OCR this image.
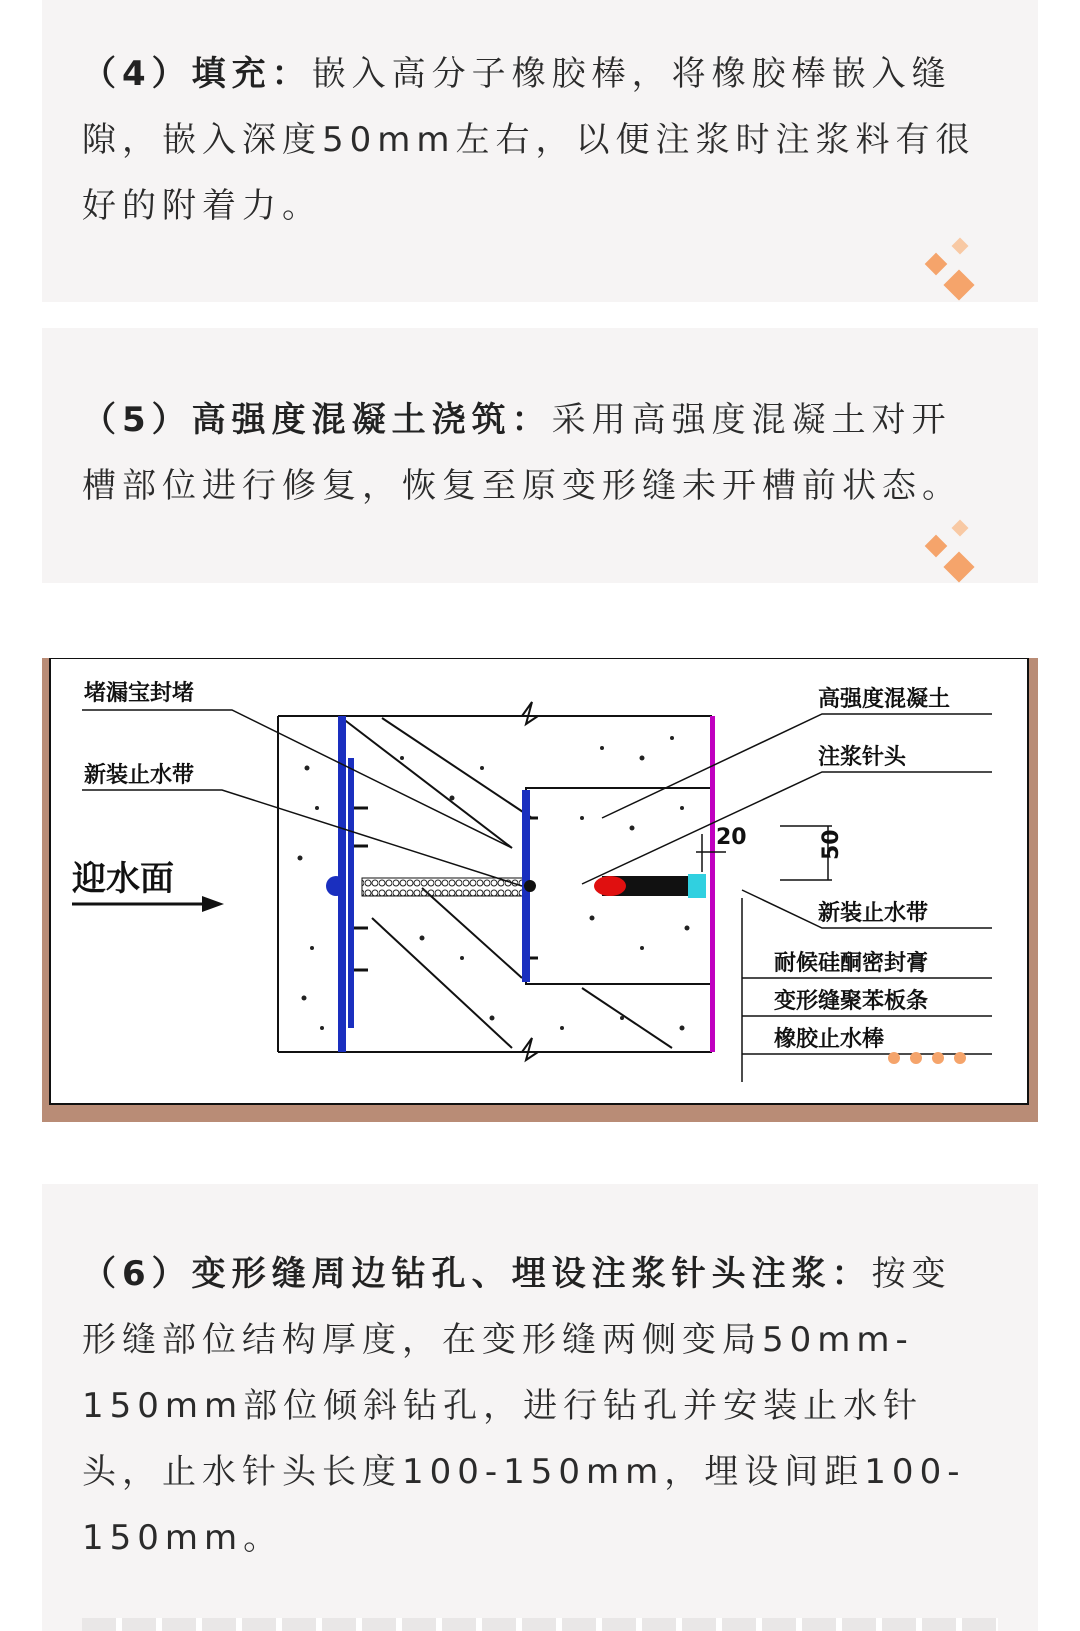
（4）填充：嵌入高分子橡胶棒，将橡胶棒嵌入缝

隙，嵌入深度50mm左右，以便注浆时注浆料有很

好的附着力。

（5）高强度混凝土浇筑：采用高强度混凝土对开

槽部位进行修复，恢复至原变形缝未开槽前状态。

20	50
堵漏宝封堵
新装止水带
迎水面
高强度混凝土
注浆针头
新装止水带
耐候硅酮密封膏
变形缝聚苯板条
橡胶止水棒

（6）变形缝周边钻孔、埋设注浆针头注浆：按变

形缝部位结构厚度，在变形缝两侧变局50mm-

150mm部位倾斜钻孔，进行钻孔并安装止水针

头，止水针头长度100-150mm，埋设间距100-

150mm。
